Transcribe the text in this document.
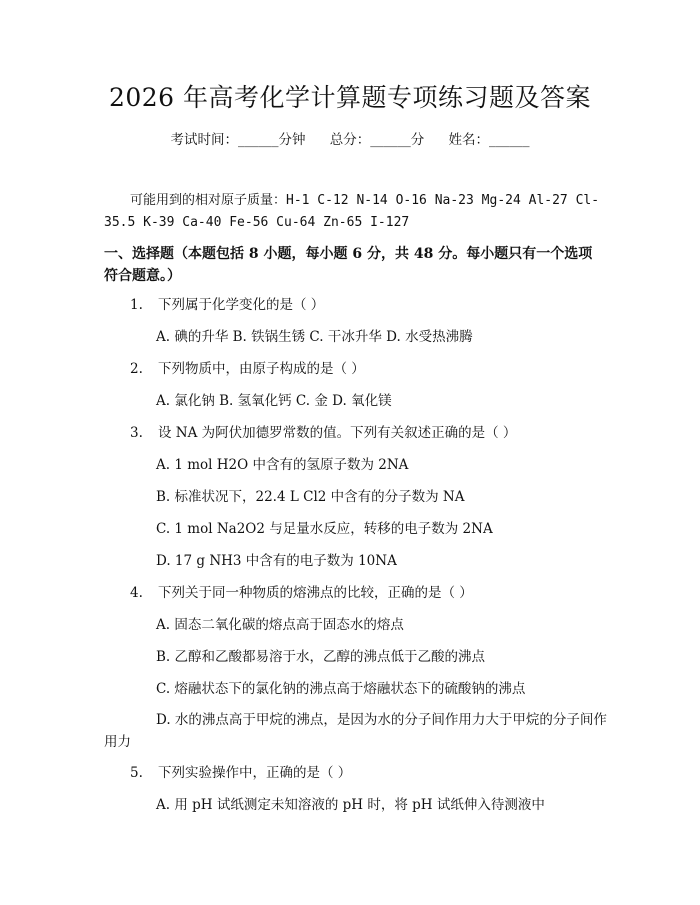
2026 年高考化学计算题专项练习题及答案
考试时间：______分钟 总分：______分 姓名：______
可能用到的相对原子质量：H-1 C-12 N-14 O-16 Na-23 Mg-24 Al-27 Cl-35.5 K-39 Ca-40 Fe-56 Cu-64 Zn-65 I-127
一、选择题（本题包括 8 小题，每小题 6 分，共 48 分。每小题只有一个选项符合题意。）
1. 下列属于化学变化的是（ ）
A. 碘的升华 B. 铁锅生锈 C. 干冰升华 D. 水受热沸腾
2. 下列物质中，由原子构成的是（ ）
A. 氯化钠 B. 氢氧化钙 C. 金 D. 氧化镁
3. 设 NA 为阿伏加德罗常数的值。下列有关叙述正确的是（ ）
A. 1 mol H2O 中含有的氢原子数为 2NA
B. 标准状况下，22.4 L Cl2 中含有的分子数为 NA
C. 1 mol Na2O2 与足量水反应，转移的电子数为 2NA
D. 17 g NH3 中含有的电子数为 10NA
4. 下列关于同一种物质的熔沸点的比较，正确的是（ ）
A. 固态二氧化碳的熔点高于固态水的熔点
B. 乙醇和乙酸都易溶于水，乙醇的沸点低于乙酸的沸点
C. 熔融状态下的氯化钠的沸点高于熔融状态下的硫酸钠的沸点
D. 水的沸点高于甲烷的沸点，是因为水的分子间作用力大于甲烷的分子间作用力
5. 下列实验操作中，正确的是（ ）
A. 用 pH 试纸测定未知溶液的 pH 时，将 pH 试纸伸入待测液中
